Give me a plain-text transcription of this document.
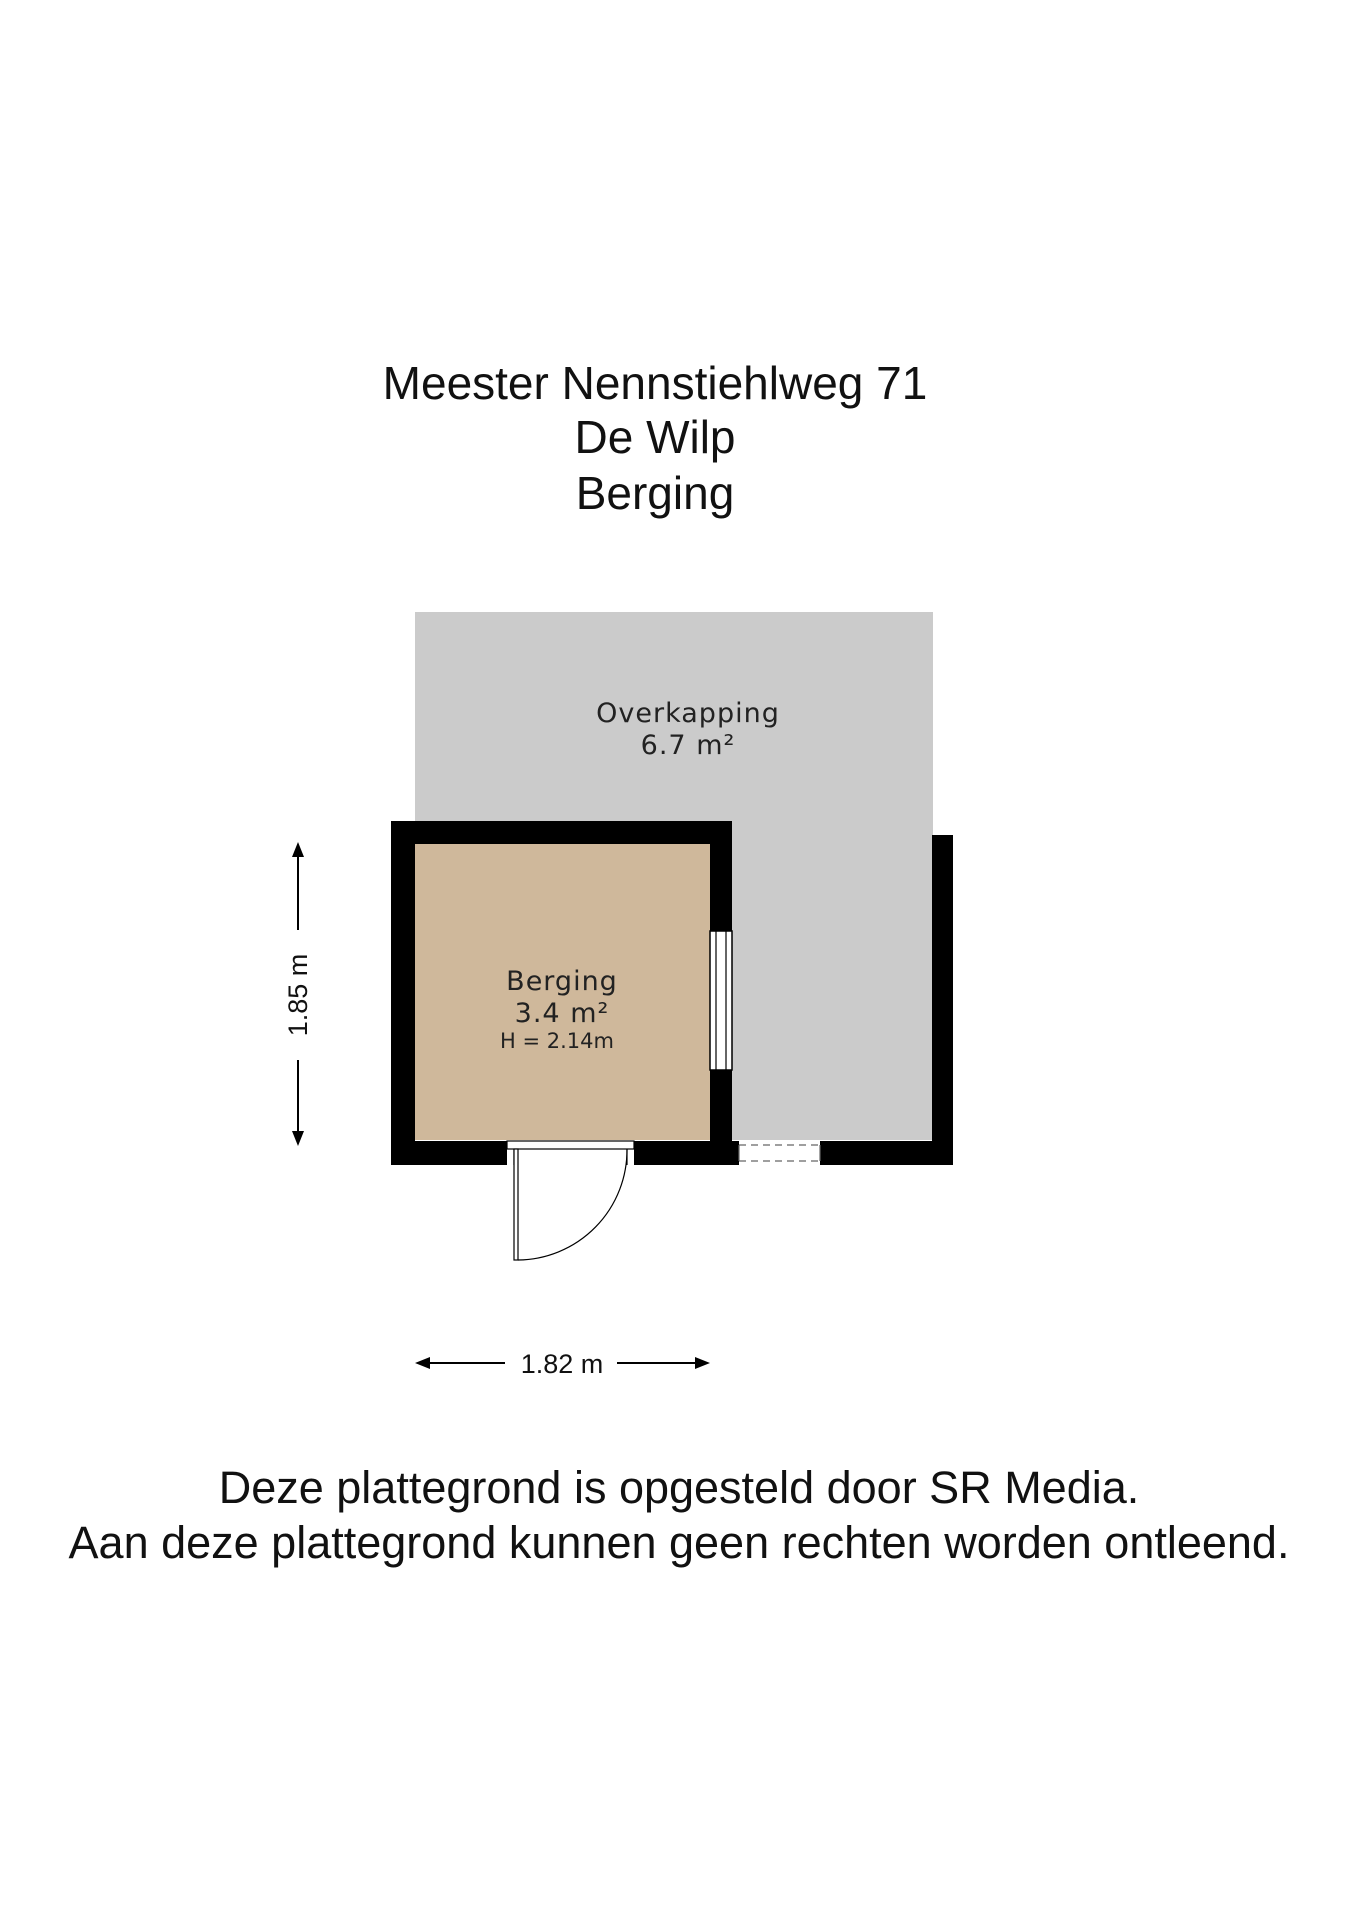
Meester Nennstiehlweg 71
De Wilp
Berging
Overkapping
6.7 m²
Berging
3.4 m²
H = 2.14m
1.85 m
1.82 m
Deze plattegrond is opgesteld door SR Media.
Aan deze plattegrond kunnen geen rechten worden ontleend.
